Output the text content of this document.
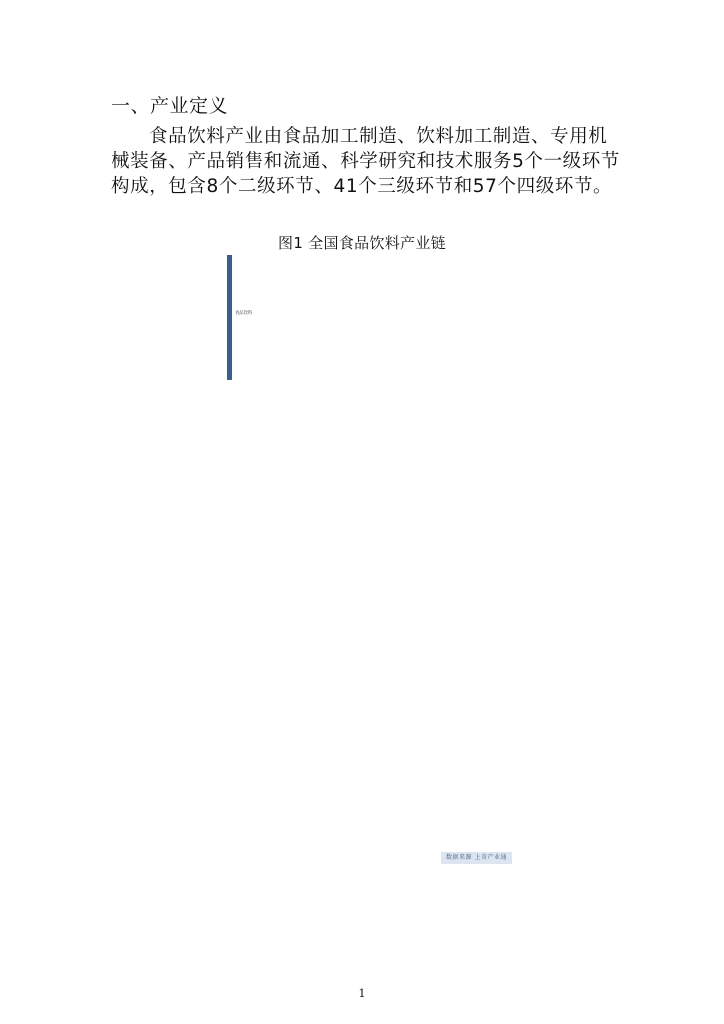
一、产业定义
食品饮料产业由食品加工制造、饮料加工制造、专用机械装备、产品销售和流通、科学研究和技术服务5个一级环节构成，包含8个二级环节、41个三级环节和57个四级环节。
图1 全国食品饮料产业链
食品饮料
数据来源 上奇产业通
1
